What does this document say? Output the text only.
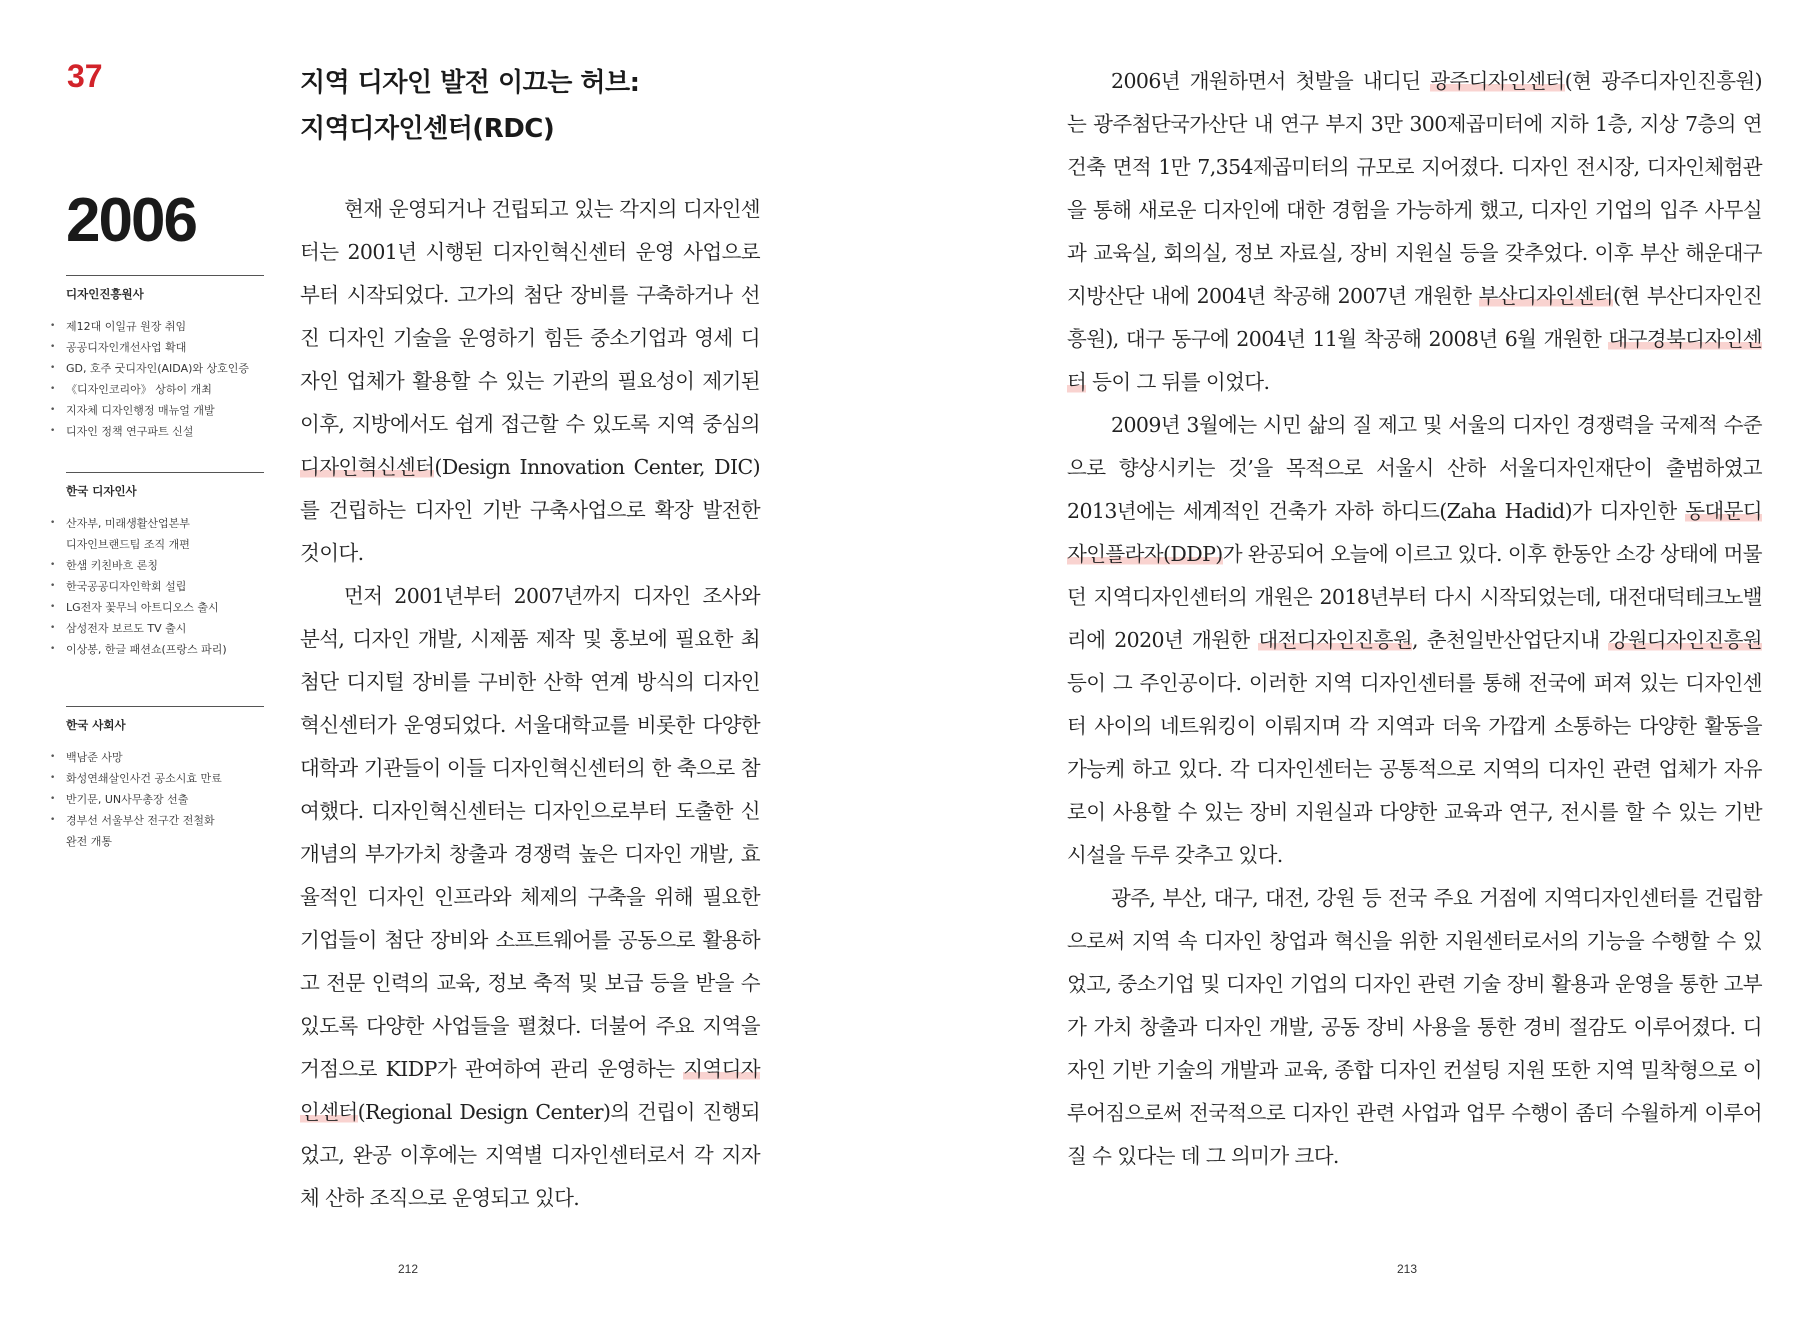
37	지역 디자인 발전 이끄는 허브:
지역디자인센터(RDC)
2006
디자인진흥원사
• 제12대 이일규 원장 취임
• 공공디자인개선사업 확대
• GD, 호주 굿디자인(AIDA)와 상호인증
• 《디자인코리아》 상하이 개최
• 지자체 디자인행정 매뉴얼 개발
• 디자인 정책 연구파트 신설
한국 디자인사
• 산자부, 미래생활산업본부
디자인브랜드팀 조직 개편
• 한샘 키친바흐 론칭
• 한국공공디자인학회 설립
• LG전자 꽃무늬 아트디오스 출시
• 삼성전자 보르도 TV 출시
• 이상봉, 한글 패션쇼(프랑스 파리)
한국 사회사
• 백남준 사망
• 화성연쇄살인사건 공소시효 만료
• 반기문, UN사무총장 선출
• 경부선 서울부산 전구간 전철화
완전 개통

현재 운영되거나 건립되고 있는 각지의 디자인센터는 2001년 시행된 디자인혁신센터 운영 사업으로부터 시작되었다. 고가의 첨단 장비를 구축하거나 선진 디자인 기술을 운영하기 힘든 중소기업과 영세 디자인 업체가 활용할 수 있는 기관의 필요성이 제기된 이후, 지방에서도 쉽게 접근할 수 있도록 지역 중심의 디자인혁신센터(Design Innovation Center, DIC)를 건립하는 디자인 기반 구축사업으로 확장 발전한 것이다.

먼저 2001년부터 2007년까지 디자인 조사와 분석, 디자인 개발, 시제품 제작 및 홍보에 필요한 최첨단 디지털 장비를 구비한 산학 연계 방식의 디자인혁신센터가 운영되었다. 서울대학교를 비롯한 다양한 대학과 기관들이 이들 디자인혁신센터의 한 축으로 참여했다. 디자인혁신센터는 디자인으로부터 도출한 신개념의 부가가치 창출과 경쟁력 높은 디자인 개발, 효율적인 디자인 인프라와 체제의 구축을 위해 필요한 기업들이 첨단 장비와 소프트웨어를 공동으로 활용하고 전문 인력의 교육, 정보 축적 및 보급 등을 받을 수 있도록 다양한 사업들을 펼쳤다. 더불어 주요 지역을 거점으로 KIDP가 관여하여 관리 운영하는 지역디자인센터(Regional Design Center)의 건립이 진행되었고, 완공 이후에는 지역별 디자인센터로서 각 지자체 산하 조직으로 운영되고 있다.

212

2006년 개원하면서 첫발을 내디딘 광주디자인센터(현 광주디자인진흥원)는 광주첨단국가산단 내 연구 부지 3만 300제곱미터에 지하 1층, 지상 7층의 연건축 면적 1만 7,354제곱미터의 규모로 지어졌다. 디자인 전시장, 디자인체험관을 통해 새로운 디자인에 대한 경험을 가능하게 했고, 디자인 기업의 입주 사무실과 교육실, 회의실, 정보 자료실, 장비 지원실 등을 갖추었다. 이후 부산 해운대구 지방산단 내에 2004년 착공해 2007년 개원한 부산디자인센터(현 부산디자인진흥원), 대구 동구에 2004년 11월 착공해 2008년 6월 개원한 대구경북디자인센터 등이 그 뒤를 이었다.

2009년 3월에는 시민 삶의 질 제고 및 서울의 디자인 경쟁력을 국제적 수준으로 향상시키는 것’을 목적으로 서울시 산하 서울디자인재단이 출범하였고 2013년에는 세계적인 건축가 자하 하디드(Zaha Hadid)가 디자인한 동대문디자인플라자(DDP)가 완공되어 오늘에 이르고 있다. 이후 한동안 소강 상태에 머물던 지역디자인센터의 개원은 2018년부터 다시 시작되었는데, 대전대덕테크노밸리에 2020년 개원한 대전디자인진흥원, 춘천일반산업단지내 강원디자인진흥원 등이 그 주인공이다. 이러한 지역 디자인센터를 통해 전국에 퍼져 있는 디자인센터 사이의 네트워킹이 이뤄지며 각 지역과 더욱 가깝게 소통하는 다양한 활동을 가능케 하고 있다. 각 디자인센터는 공통적으로 지역의 디자인 관련 업체가 자유로이 사용할 수 있는 장비 지원실과 다양한 교육과 연구, 전시를 할 수 있는 기반 시설을 두루 갖추고 있다.

광주, 부산, 대구, 대전, 강원 등 전국 주요 거점에 지역디자인센터를 건립함으로써 지역 속 디자인 창업과 혁신을 위한 지원센터로서의 기능을 수행할 수 있었고, 중소기업 및 디자인 기업의 디자인 관련 기술 장비 활용과 운영을 통한 고부가 가치 창출과 디자인 개발, 공동 장비 사용을 통한 경비 절감도 이루어졌다. 디자인 기반 기술의 개발과 교육, 종합 디자인 컨설팅 지원 또한 지역 밀착형으로 이루어짐으로써 전국적으로 디자인 관련 사업과 업무 수행이 좀더 수월하게 이루어질 수 있다는 데 그 의미가 크다.

213
